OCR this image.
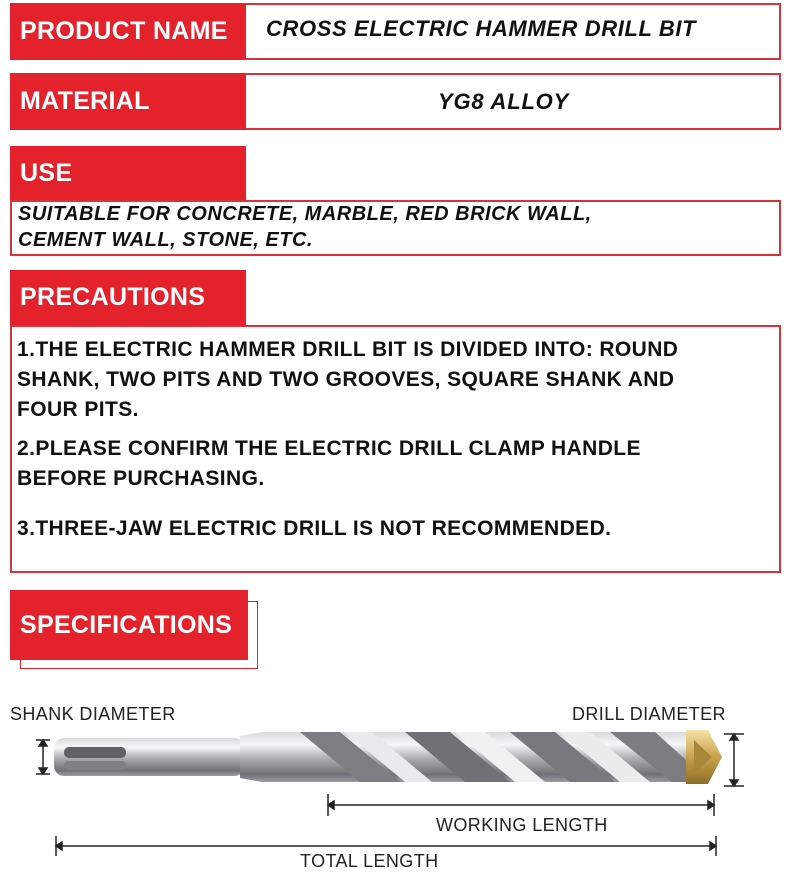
PRODUCT NAME	CROSS ELECTRIC HAMMER DRILL BIT
MATERIAL	YG8 ALLOY
USE
SUITABLE FOR CONCRETE, MARBLE, RED BRICK WALL,
CEMENT WALL, STONE, ETC.
PRECAUTIONS

1.THE ELECTRIC HAMMER DRILL BIT IS DIVIDED INTO: ROUND

SHANK, TWO PITS AND TWO GROOVES, SQUARE SHANK AND

FOUR PITS.

2.PLEASE CONFIRM THE ELECTRIC DRILL CLAMP HANDLE

BEFORE PURCHASING.

3.THREE-JAW ELECTRIC DRILL IS NOT RECOMMENDED.

SPECIFICATIONS
SHANK DIAMETER	DRILL DIAMETER
WORKING LENGTH
TOTAL LENGTH
